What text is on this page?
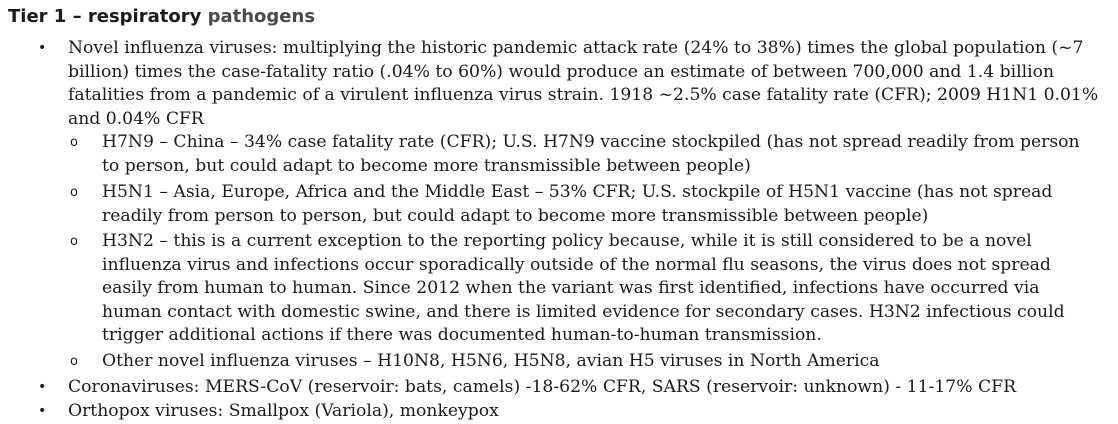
Tier 1 – respiratory pathogens
• Novel influenza viruses: multiplying the historic pandemic attack rate (24% to 38%) times the global population (~7 billion) times the case-fatality ratio (.04% to 60%) would produce an estimate of between 700,000 and 1.4 billion fatalities from a pandemic of a virulent influenza virus strain. 1918 ~2.5% case fatality rate (CFR); 2009 H1N1 0.01% and 0.04% CFR
o H7N9 – China – 34% case fatality rate (CFR); U.S. H7N9 vaccine stockpiled (has not spread readily from person to person, but could adapt to become more transmissible between people)
o H5N1 – Asia, Europe, Africa and the Middle East – 53% CFR; U.S. stockpile of H5N1 vaccine (has not spread readily from person to person, but could adapt to become more transmissible between people)
o H3N2 – this is a current exception to the reporting policy because, while it is still considered to be a novel influenza virus and infections occur sporadically outside of the normal flu seasons, the virus does not spread easily from human to human. Since 2012 when the variant was first identified, infections have occurred via human contact with domestic swine, and there is limited evidence for secondary cases. H3N2 infectious could trigger additional actions if there was documented human-to-human transmission.
o Other novel influenza viruses – H10N8, H5N6, H5N8, avian H5 viruses in North America
• Coronaviruses: MERS-CoV (reservoir: bats, camels) -18-62% CFR, SARS (reservoir: unknown) - 11-17% CFR
• Orthopox viruses: Smallpox (Variola), monkeypox
